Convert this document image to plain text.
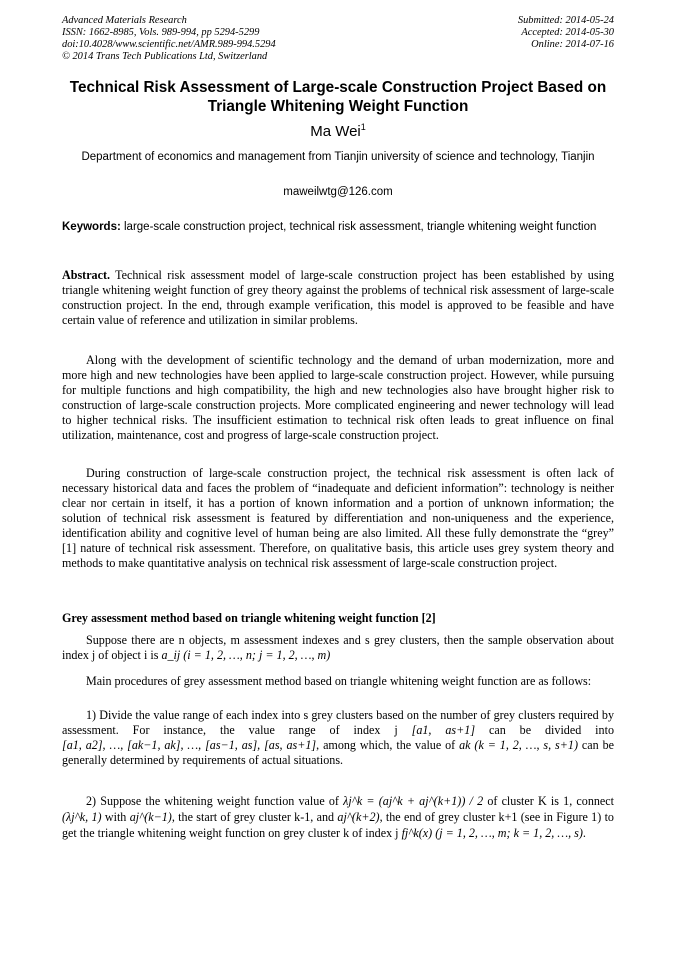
Advanced Materials Research
ISSN: 1662-8985, Vols. 989-994, pp 5294-5299
doi:10.4028/www.scientific.net/AMR.989-994.5294
© 2014 Trans Tech Publications Ltd, Switzerland
Submitted: 2014-05-24
Accepted: 2014-05-30
Online: 2014-07-16
Technical Risk Assessment of Large-scale Construction Project Based on Triangle Whitening Weight Function
Ma Wei$^1$
Department of economics and management from Tianjin university of science and technology, Tianjin
maweilwtg@126.com
Keywords: large-scale construction project, technical risk assessment, triangle whitening weight function
Abstract. Technical risk assessment model of large-scale construction project has been established by using triangle whitening weight function of grey theory against the problems of technical risk assessment of large-scale construction project. In the end, through example verification, this model is approved to be feasible and have certain value of reference and utilization in similar problems.
Along with the development of scientific technology and the demand of urban modernization, more and more high and new technologies have been applied to large-scale construction project. However, while pursuing for multiple functions and high compatibility, the high and new technologies also have brought higher risk to construction of large-scale construction projects. More complicated engineering and newer technology will lead to higher technical risks. The insufficient estimation to technical risk often leads to great influence on final utilization, maintenance, cost and progress of large-scale construction project.
During construction of large-scale construction project, the technical risk assessment is often lack of necessary historical data and faces the problem of “inadequate and deficient information”: technology is neither clear nor certain in itself, it has a portion of known information and a portion of unknown information; the solution of technical risk assessment is featured by differentiation and non-uniqueness and the experience, identification ability and cognitive level of human being are also limited. All these fully demonstrate the “grey” [1] nature of technical risk assessment. Therefore, on qualitative basis, this article uses grey system theory and methods to make quantitative analysis on technical risk assessment of large-scale construction project.
Grey assessment method based on triangle whitening weight function [2]
Suppose there are n objects, m assessment indexes and s grey clusters, then the sample observation about index j of object i is a_ij (i = 1, 2, …, n; j = 1, 2, …, m)
Main procedures of grey assessment method based on triangle whitening weight function are as follows:
1) Divide the value range of each index into s grey clusters based on the number of grey clusters required by assessment. For instance, the value range of index j [a1, as+1] can be divided into [a1, a2], …, [ak−1, ak], …, [as−1, as], [as, as+1], among which, the value of ak (k = 1, 2, …, s, s+1) can be generally determined by requirements of actual situations.
2) Suppose the whitening weight function value of λj^k = (aj^k + aj^(k+1)) / 2 of cluster K is 1, connect (λj^k, 1) with aj^(k−1), the start of grey cluster k-1, and aj^(k+2), the end of grey cluster k+1 (see in Figure 1) to get the triangle whitening weight function on grey cluster k of index j fj^k(x) (j = 1, 2, …, m; k = 1, 2, …, s).
